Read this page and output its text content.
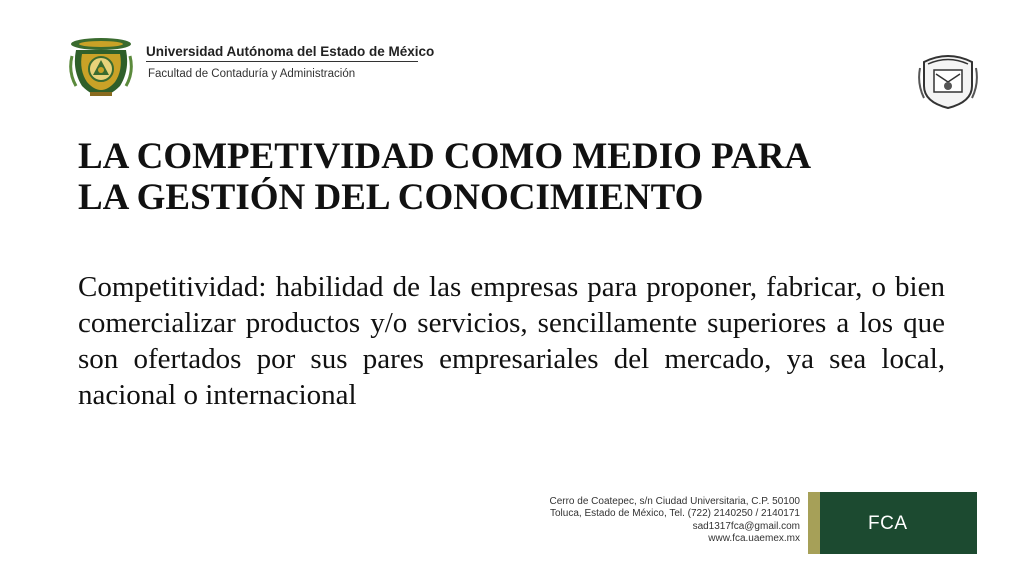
Universidad Autónoma del Estado de México
Facultad de Contaduría y Administración
LA COMPETIVIDAD COMO MEDIO PARA
LA GESTIÓN DEL CONOCIMIENTO

Competitividad: habilidad de las empresas para proponer, fabricar, o bien comercializar productos y/o servicios, sencillamente superiores a los que son ofertados por sus pares empresariales del mercado, ya sea local, nacional o internacional

Cerro de Coatepec, s/n Ciudad Universitaria, C.P. 50100
Toluca, Estado de México, Tel. (722) 2140250 / 2140171
sad1317fca@gmail.com
www.fca.uaemex.mx
FCA
